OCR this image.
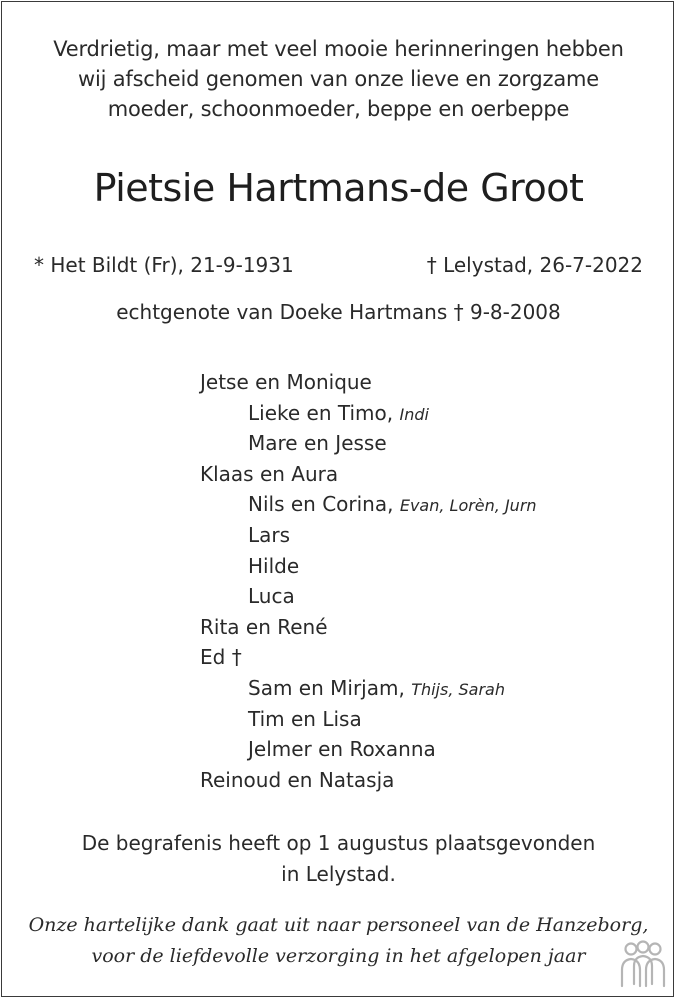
Verdrietig, maar met veel mooie herinneringen hebben
wij afscheid genomen van onze lieve en zorgzame
moeder, schoonmoeder, beppe en oerbeppe
Pietsie Hartmans-de Groot
* Het Bildt (Fr), 21-9-1931	† Lelystad, 26-7-2022
echtgenote van Doeke Hartmans † 9-8-2008
Jetse en Monique
Lieke en Timo, Indi
Mare en Jesse
Klaas en Aura
Nils en Corina, Evan, Lorèn, Jurn
Lars
Hilde
Luca
Rita en René
Ed †
Sam en Mirjam, Thijs, Sarah
Tim en Lisa
Jelmer en Roxanna
Reinoud en Natasja
De begrafenis heeft op 1 augustus plaatsgevonden
in Lelystad.
Onze hartelijke dank gaat uit naar personeel van de Hanzeborg,
voor de liefdevolle verzorging in het afgelopen jaar
